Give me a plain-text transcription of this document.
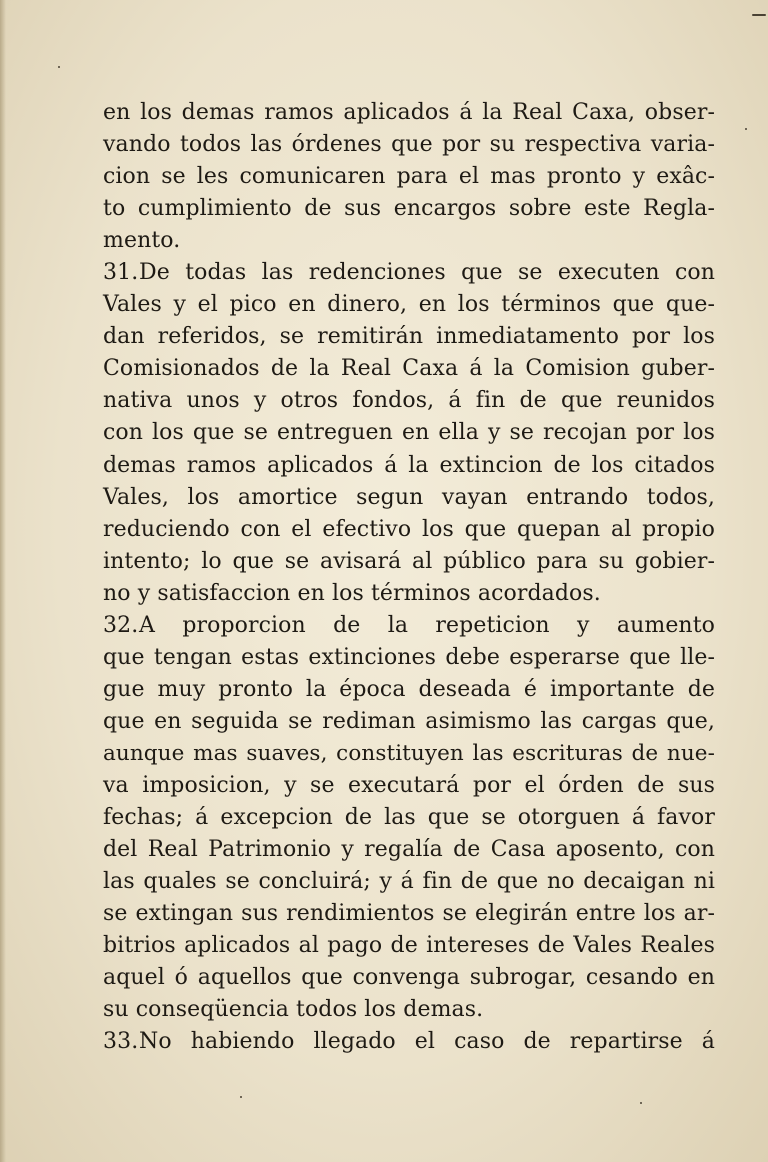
en los demas ramos aplicados á la Real Caxa, obser-
vando todos las órdenes que por su respectiva varia-
cion se les comunicaren para el mas pronto y exâc-
to cumplimiento de sus encargos sobre este Regla-
mento.
31.De todas las redenciones que se executen con
Vales y el pico en dinero, en los términos que que-
dan referidos, se remitirán inmediatamento por los
Comisionados de la Real Caxa á la Comision guber-
nativa unos y otros fondos, á fin de que reunidos
con los que se entreguen en ella y se recojan por los
demas ramos aplicados á la extincion de los citados
Vales, los amortice segun vayan entrando todos,
reduciendo con el efectivo los que quepan al propio
intento; lo que se avisará al público para su gobier-
no y satisfaccion en los términos acordados.
32.A proporcion de la repeticion y aumento
que tengan estas extinciones debe esperarse que lle-
gue muy pronto la época deseada é importante de
que en seguida se rediman asimismo las cargas que,
aunque mas suaves, constituyen las escrituras de nue-
va imposicion, y se executará por el órden de sus
fechas; á excepcion de las que se otorguen á favor
del Real Patrimonio y regalía de Casa aposento, con
las quales se concluirá; y á fin de que no decaigan ni
se extingan sus rendimientos se elegirán entre los ar-
bitrios aplicados al pago de intereses de Vales Reales
aquel ó aquellos que convenga subrogar, cesando en
su conseqüencia todos los demas.
33.No habiendo llegado el caso de repartirse á
